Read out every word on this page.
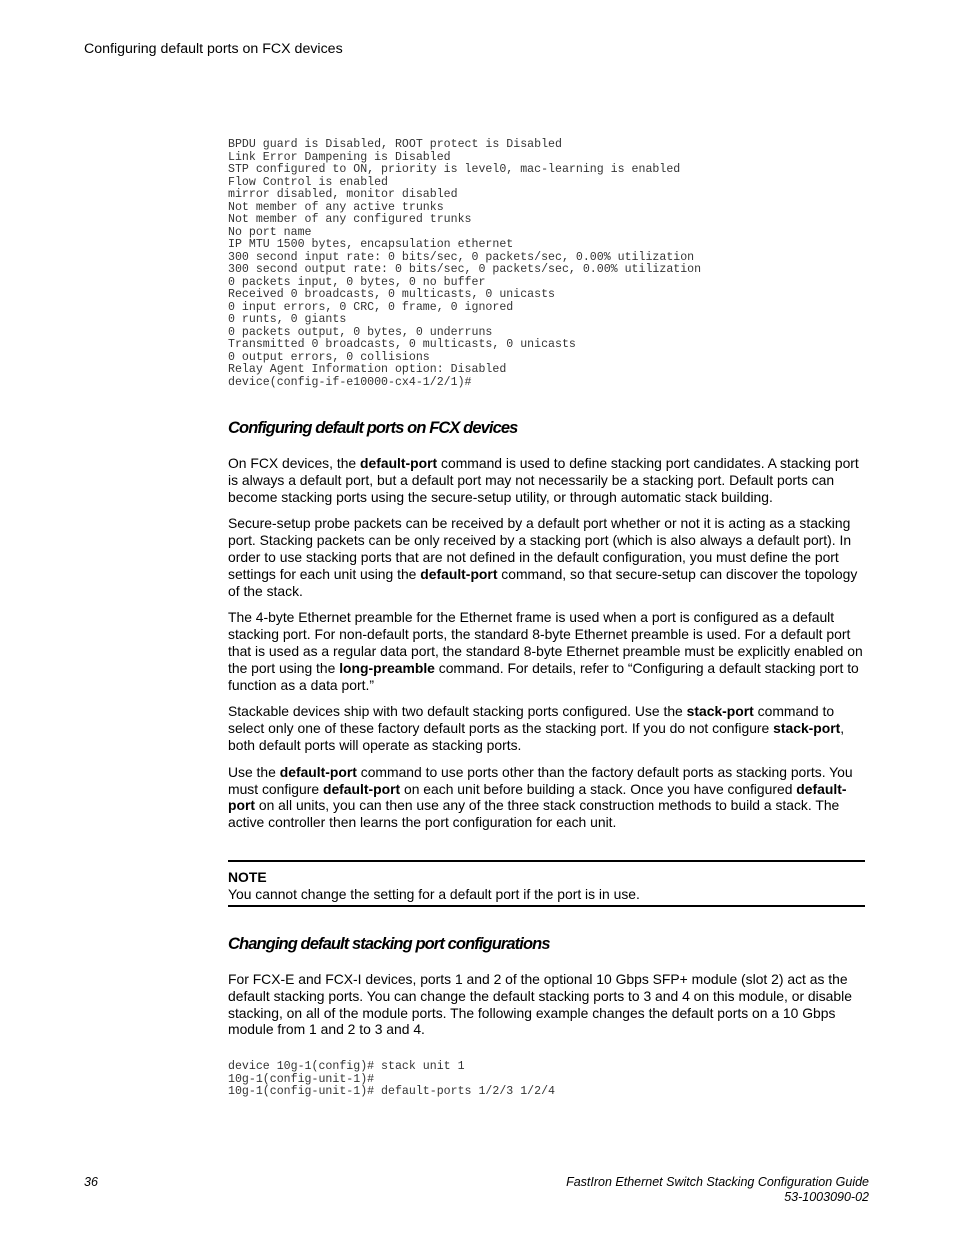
Configuring default ports on FCX devices
BPDU guard is Disabled, ROOT protect is Disabled
Link Error Dampening is Disabled
STP configured to ON, priority is level0, mac-learning is enabled
Flow Control is enabled
mirror disabled, monitor disabled
Not member of any active trunks
Not member of any configured trunks
No port name
IP MTU 1500 bytes, encapsulation ethernet
300 second input rate: 0 bits/sec, 0 packets/sec, 0.00% utilization
300 second output rate: 0 bits/sec, 0 packets/sec, 0.00% utilization
0 packets input, 0 bytes, 0 no buffer
Received 0 broadcasts, 0 multicasts, 0 unicasts
0 input errors, 0 CRC, 0 frame, 0 ignored
0 runts, 0 giants
0 packets output, 0 bytes, 0 underruns
Transmitted 0 broadcasts, 0 multicasts, 0 unicasts
0 output errors, 0 collisions
Relay Agent Information option: Disabled
device(config-if-e10000-cx4-1/2/1)#
Configuring default ports on FCX devices

On FCX devices, the default-port command is used to define stacking port candidates. A stacking port is always a default port, but a default port may not necessarily be a stacking port. Default ports can become stacking ports using the secure-setup utility, or through automatic stack building.

Secure-setup probe packets can be received by a default port whether or not it is acting as a stacking port. Stacking packets can be only received by a stacking port (which is also always a default port). In order to use stacking ports that are not defined in the default configuration, you must define the port settings for each unit using the default-port command, so that secure-setup can discover the topology of the stack.

The 4-byte Ethernet preamble for the Ethernet frame is used when a port is configured as a default stacking port. For non-default ports, the standard 8-byte Ethernet preamble is used. For a default port that is used as a regular data port, the standard 8-byte Ethernet preamble must be explicitly enabled on the port using the long-preamble command. For details, refer to “Configuring a default stacking port to function as a data port.”

Stackable devices ship with two default stacking ports configured. Use the stack-port command to select only one of these factory default ports as the stacking port. If you do not configure stack-port, both default ports will operate as stacking ports.

Use the default-port command to use ports other than the factory default ports as stacking ports. You must configure default-port on each unit before building a stack. Once you have configured default-port on all units, you can then use any of the three stack construction methods to build a stack. The active controller then learns the port configuration for each unit.

NOTE
You cannot change the setting for a default port if the port is in use.
Changing default stacking port configurations

For FCX-E and FCX-I devices, ports 1 and 2 of the optional 10 Gbps SFP+ module (slot 2) act as the default stacking ports. You can change the default stacking ports to 3 and 4 on this module, or disable stacking, on all of the module ports. The following example changes the default ports on a 10 Gbps module from 1 and 2 to 3 and 4.

device 10g-1(config)# stack unit 1
10g-1(config-unit-1)#
10g-1(config-unit-1)# default-ports 1/2/3 1/2/4
36	FastIron Ethernet Switch Stacking Configuration Guide
53-1003090-02
